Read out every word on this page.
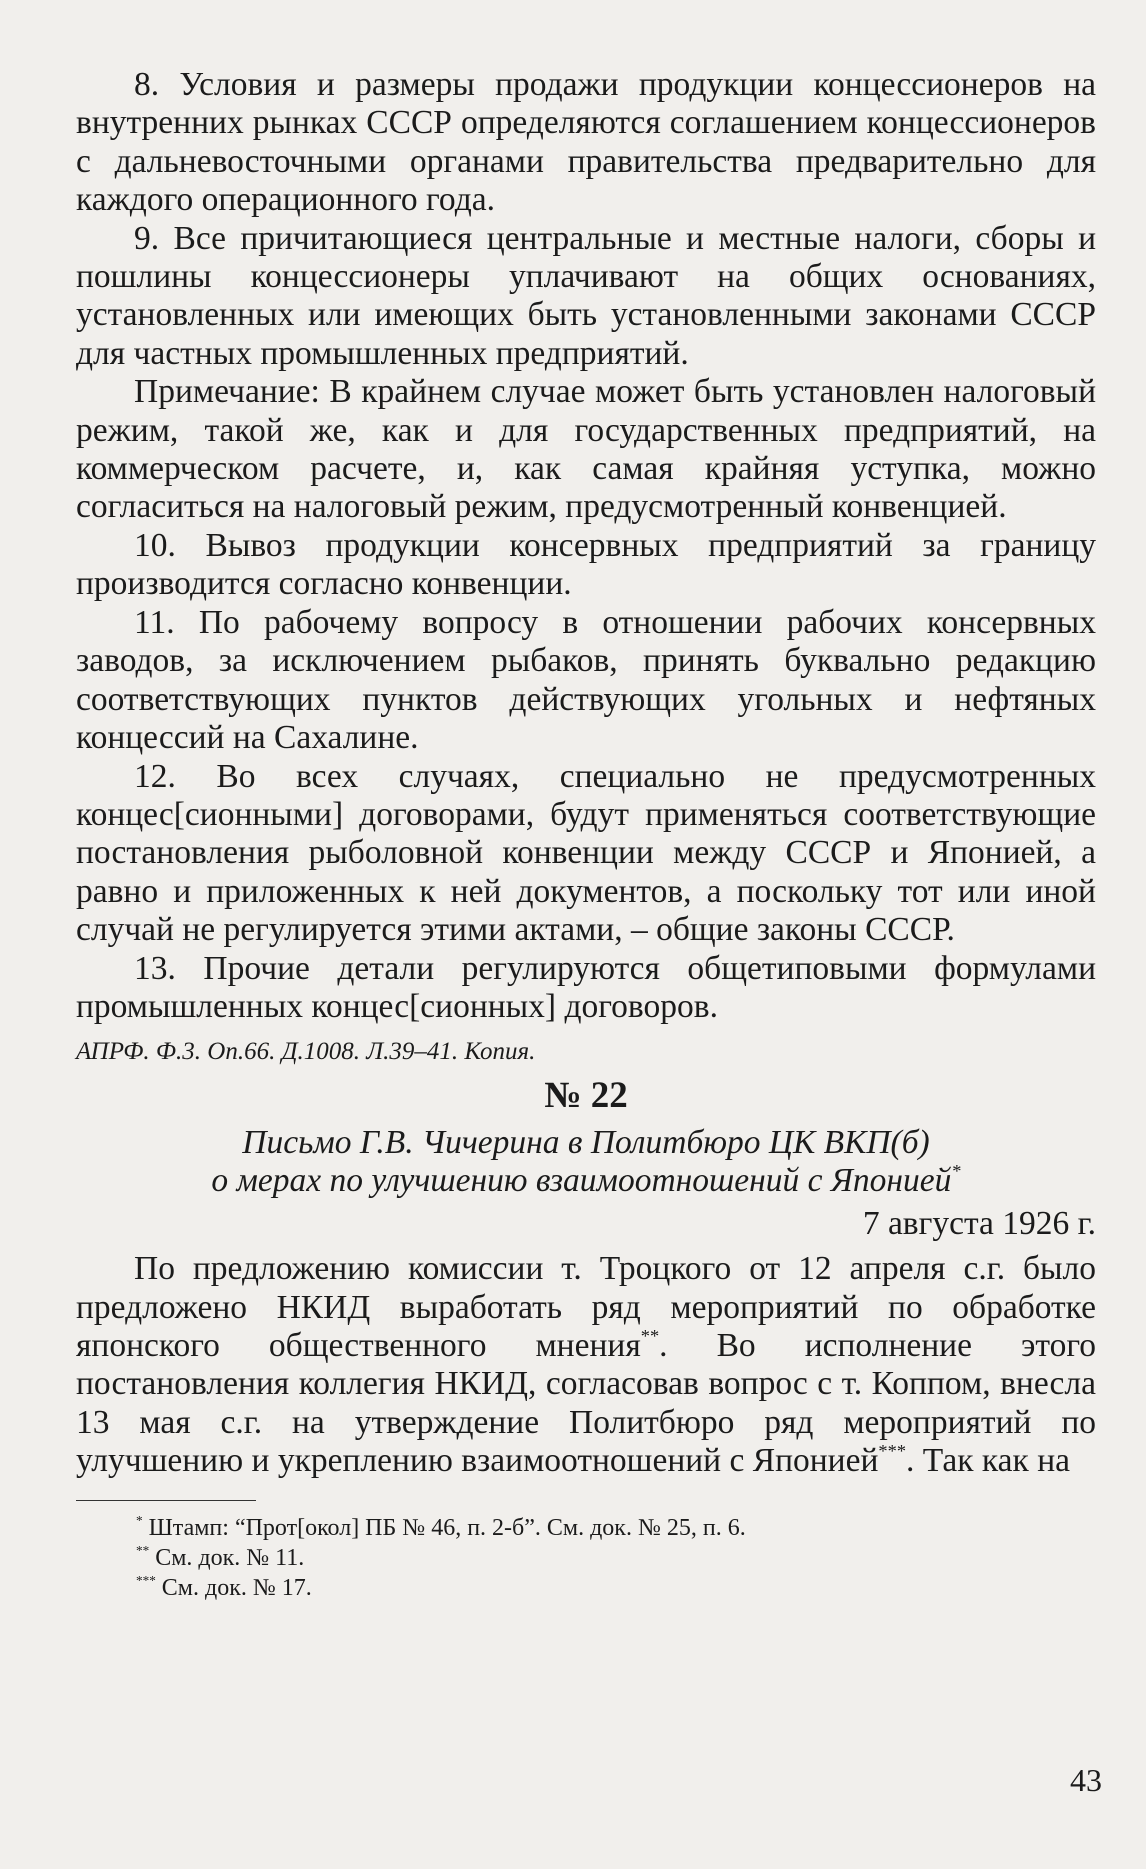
8. Условия и размеры продажи продукции концессионеров на внутренних рынках СССР определяются соглашением концессионеров с дальневосточными органами правительства предварительно для каждого операционного года.

9. Все причитающиеся центральные и местные налоги, сборы и пошлины концессионеры уплачивают на общих основаниях, установленных или имеющих быть установленными законами СССР для частных промышленных предприятий.

Примечание: В крайнем случае может быть установлен налоговый режим, такой же, как и для государственных предприятий, на коммерческом расчете, и, как самая крайняя уступка, можно согласиться на налоговый режим, предусмотренный конвенцией.

10. Вывоз продукции консервных предприятий за границу производится согласно конвенции.

11. По рабочему вопросу в отношении рабочих консервных заводов, за исключением рыбаков, принять буквально редакцию соответствующих пунктов действующих угольных и нефтяных концессий на Сахалине.

12. Во всех случаях, специально не предусмотренных концес[сионными] договорами, будут применяться соответствующие постановления рыболовной конвенции между СССР и Японией, а равно и приложенных к ней документов, а поскольку тот или иной случай не регулируется этими актами, – общие законы СССР.

13. Прочие детали регулируются общетиповыми формулами промышленных концес[сионных] договоров.

АПРФ. Ф.3. Оп.66. Д.1008. Л.39–41. Копия.

№ 22

Письмо Г.В. Чичерина в Политбюро ЦК ВКП(б)

о мерах по улучшению взаимоотношений с Японией*

7 августа 1926 г.

По предложению комиссии т. Троцкого от 12 апреля с.г. было предложено НКИД выработать ряд мероприятий по обработке японского общественного мнения**. Во исполнение этого постановления коллегия НКИД, согласовав вопрос с т. Коппом, внесла 13 мая с.г. на утверждение Политбюро ряд мероприятий по улучшению и укреплению взаимоотношений с Японией***. Так как на

* Штамп: “Прот[окол] ПБ № 46, п. 2-б”. См. док. № 25, п. 6.

** См. док. № 11.

*** См. док. № 17.

43
